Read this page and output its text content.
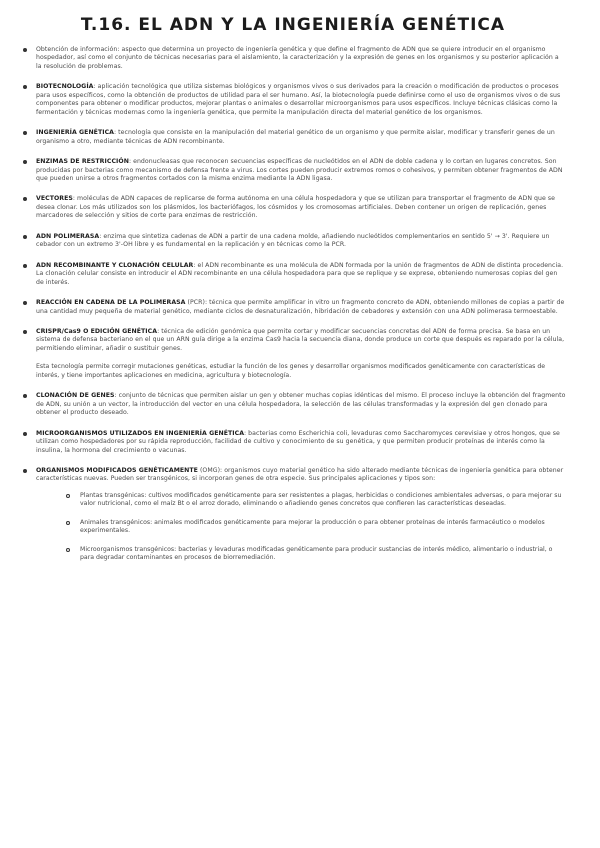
T.16. EL ADN Y LA INGENIERÍA GENÉTICA
Obtención de información: aspecto que determina un proyecto de ingeniería genética y que define el fragmento de ADN que se quiere introducir en el organismo hospedador, así como el conjunto de técnicas necesarias para el aislamiento, la caracterización y la expresión de genes en los organismos y su posterior aplicación a la resolución de problemas.
BIOTECNOLOGÍA: aplicación tecnológica que utiliza sistemas biológicos y organismos vivos o sus derivados para la creación o modificación de productos o procesos para usos específicos, como la obtención de productos de utilidad para el ser humano. Así, la biotecnología puede definirse como el uso de organismos vivos o de sus componentes para obtener o modificar productos, mejorar plantas o animales o desarrollar microorganismos para usos específicos. Incluye técnicas clásicas como la fermentación y técnicas modernas como la ingeniería genética, que permite la manipulación directa del material genético de los organismos.
INGENIERÍA GENÉTICA: tecnología que consiste en la manipulación del material genético de un organismo y que permite aislar, modificar y transferir genes de un organismo a otro, mediante técnicas de ADN recombinante.
ENZIMAS DE RESTRICCIÓN: endonucleasas que reconocen secuencias específicas de nucleótidos en el ADN de doble cadena y lo cortan en lugares concretos. Son producidas por bacterias como mecanismo de defensa frente a virus. Los cortes pueden producir extremos romos o cohesivos, y permiten obtener fragmentos de ADN que pueden unirse a otros fragmentos cortados con la misma enzima mediante la ADN ligasa.
VECTORES: moléculas de ADN capaces de replicarse de forma autónoma en una célula hospedadora y que se utilizan para transportar el fragmento de ADN que se desea clonar. Los más utilizados son los plásmidos, los bacteriófagos, los cósmidos y los cromosomas artificiales. Deben contener un origen de replicación, genes marcadores de selección y sitios de corte para enzimas de restricción.
ADN POLIMERASA: enzima que sintetiza cadenas de ADN a partir de una cadena molde, añadiendo nucleótidos complementarios en sentido 5' → 3'. Requiere un cebador con un extremo 3'-OH libre y es fundamental en la replicación y en técnicas como la PCR.
ADN RECOMBINANTE Y CLONACIÓN CELULAR: el ADN recombinante es una molécula de ADN formada por la unión de fragmentos de ADN de distinta procedencia. La clonación celular consiste en introducir el ADN recombinante en una célula hospedadora para que se replique y se exprese, obteniendo numerosas copias del gen de interés.
REACCIÓN EN CADENA DE LA POLIMERASA (PCR): técnica que permite amplificar in vitro un fragmento concreto de ADN, obteniendo millones de copias a partir de una cantidad muy pequeña de material genético, mediante ciclos de desnaturalización, hibridación de cebadores y extensión con una ADN polimerasa termoestable.
CRISPR/Cas9 O EDICIÓN GENÉTICA: técnica de edición genómica que permite cortar y modificar secuencias concretas del ADN de forma precisa. Se basa en un sistema de defensa bacteriano en el que un ARN guía dirige a la enzima Cas9 hacia la secuencia diana, donde produce un corte que después es reparado por la célula, permitiendo eliminar, añadir o sustituir genes.
Esta tecnología permite corregir mutaciones genéticas, estudiar la función de los genes y desarrollar organismos modificados genéticamente con características de interés, y tiene importantes aplicaciones en medicina, agricultura y biotecnología.
CLONACIÓN DE GENES: conjunto de técnicas que permiten aislar un gen y obtener muchas copias idénticas del mismo. El proceso incluye la obtención del fragmento de ADN, su unión a un vector, la introducción del vector en una célula hospedadora, la selección de las células transformadas y la expresión del gen clonado para obtener el producto deseado.
MICROORGANISMOS UTILIZADOS EN INGENIERÍA GENÉTICA: bacterias como Escherichia coli, levaduras como Saccharomyces cerevisiae y otros hongos, que se utilizan como hospedadores por su rápida reproducción, facilidad de cultivo y conocimiento de su genética, y que permiten producir proteínas de interés como la insulina, la hormona del crecimiento o vacunas.
ORGANISMOS MODIFICADOS GENÉTICAMENTE (OMG): organismos cuyo material genético ha sido alterado mediante técnicas de ingeniería genética para obtener características nuevas. Pueden ser transgénicos, si incorporan genes de otra especie. Sus principales aplicaciones y tipos son:
Plantas transgénicas: cultivos modificados genéticamente para ser resistentes a plagas, herbicidas o condiciones ambientales adversas, o para mejorar su valor nutricional, como el maíz Bt o el arroz dorado, eliminando o añadiendo genes concretos que confieren las características deseadas.
Animales transgénicos: animales modificados genéticamente para mejorar la producción o para obtener proteínas de interés farmacéutico o modelos experimentales.
Microorganismos transgénicos: bacterias y levaduras modificadas genéticamente para producir sustancias de interés médico, alimentario o industrial, o para degradar contaminantes en procesos de biorremediación.
